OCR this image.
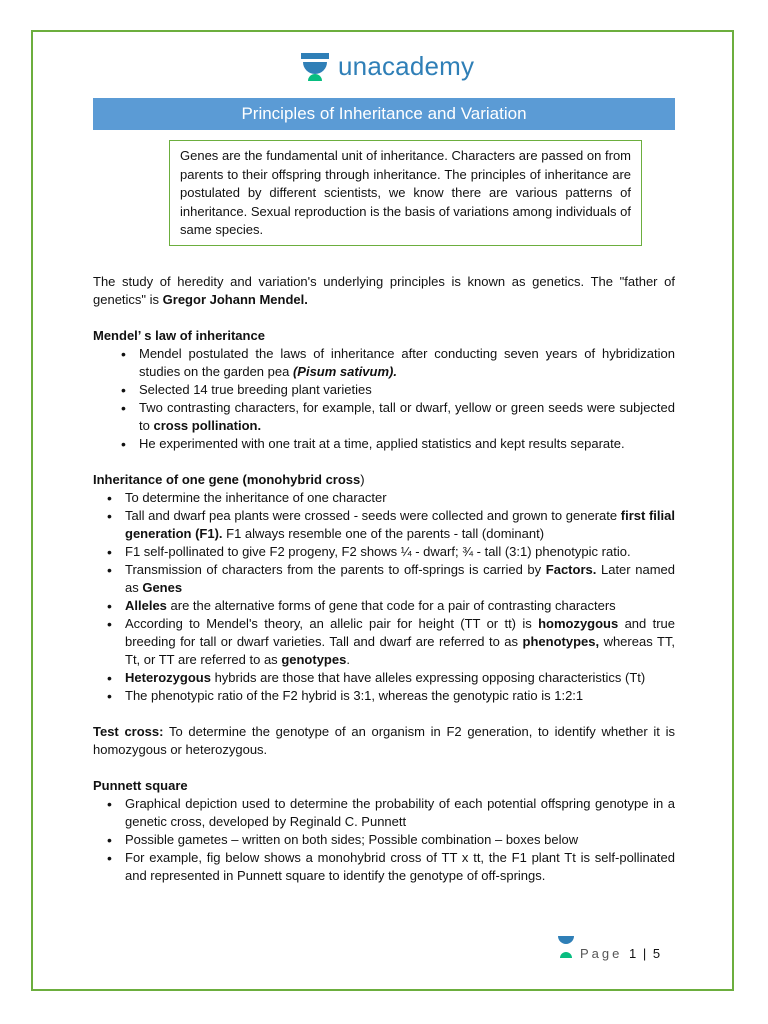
unacademy
Principles of Inheritance and Variation
Genes are the fundamental unit of inheritance. Characters are passed on from parents to their offspring through inheritance. The principles of inheritance are postulated by different scientists, we know there are various patterns of inheritance. Sexual reproduction is the basis of variations among individuals of same species.

The study of heredity and variation's underlying principles is known as genetics. The "father of genetics" is Gregor Johann Mendel.

Mendel’ s law of inheritance
• Mendel postulated the laws of inheritance after conducting seven years of hybridization studies on the garden pea (Pisum sativum).
• Selected 14 true breeding plant varieties
• Two contrasting characters, for example, tall or dwarf, yellow or green seeds were subjected to cross pollination.
• He experimented with one trait at a time, applied statistics and kept results separate.
Inheritance of one gene (monohybrid cross)
• To determine the inheritance of one character
• Tall and dwarf pea plants were crossed - seeds were collected and grown to generate first filial generation (F1). F1 always resemble one of the parents - tall (dominant)
• F1 self-pollinated to give F2 progeny, F2 shows ¼ - dwarf; ¾ - tall (3:1) phenotypic ratio.
• Transmission of characters from the parents to off-springs is carried by Factors. Later named as Genes
• Alleles are the alternative forms of gene that code for a pair of contrasting characters
• According to Mendel's theory, an allelic pair for height (TT or tt) is homozygous and true breeding for tall or dwarf varieties. Tall and dwarf are referred to as phenotypes, whereas TT, Tt, or TT are referred to as genotypes.
• Heterozygous hybrids are those that have alleles expressing opposing characteristics (Tt)
• The phenotypic ratio of the F2 hybrid is 3:1, whereas the genotypic ratio is 1:2:1

Test cross: To determine the genotype of an organism in F2 generation, to identify whether it is homozygous or heterozygous.

Punnett square
• Graphical depiction used to determine the probability of each potential offspring genotype in a genetic cross, developed by Reginald C. Punnett
• Possible gametes – written on both sides; Possible combination – boxes below
• For example, fig below shows a monohybrid cross of TT x tt, the F1 plant Tt is self-pollinated and represented in Punnett square to identify the genotype of off-springs.
Page 1 | 5
